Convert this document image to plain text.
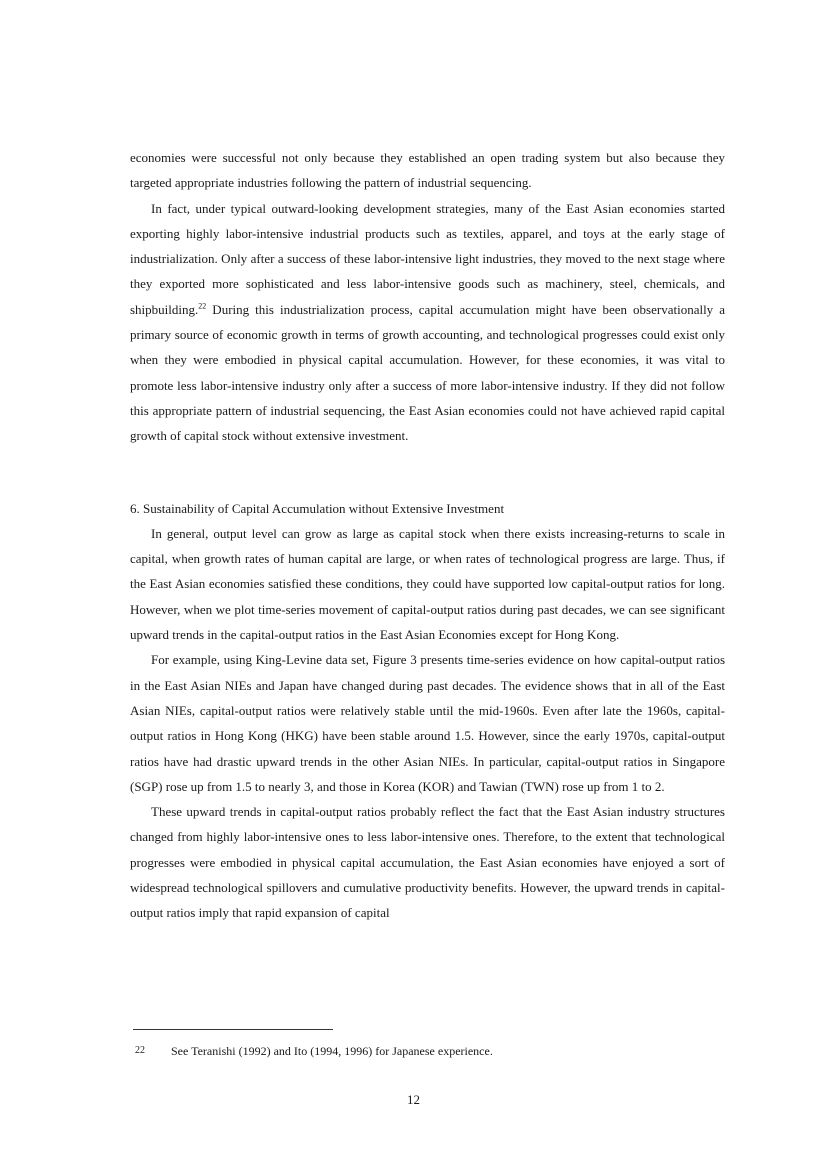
economies were successful not only because they established an open trading system but also because they targeted appropriate industries following the pattern of industrial sequencing.

In fact, under typical outward-looking development strategies, many of the East Asian economies started exporting highly labor-intensive industrial products such as textiles, apparel, and toys at the early stage of industrialization. Only after a success of these labor-intensive light industries, they moved to the next stage where they exported more sophisticated and less labor-intensive goods such as machinery, steel, chemicals, and shipbuilding.$^{22}$ During this industrialization process, capital accumulation might have been observationally a primary source of economic growth in terms of growth accounting, and technological progresses could exist only when they were embodied in physical capital accumulation. However, for these economies, it was vital to promote less labor-intensive industry only after a success of more labor-intensive industry. If they did not follow this appropriate pattern of industrial sequencing, the East Asian economies could not have achieved rapid capital growth of capital stock without extensive investment.

6. Sustainability of Capital Accumulation without Extensive Investment

In general, output level can grow as large as capital stock when there exists increasing-returns to scale in capital, when growth rates of human capital are large, or when rates of technological progress are large. Thus, if the East Asian economies satisfied these conditions, they could have supported low capital-output ratios for long. However, when we plot time-series movement of capital-output ratios during past decades, we can see significant upward trends in the capital-output ratios in the East Asian Economies except for Hong Kong.

For example, using King-Levine data set, Figure 3 presents time-series evidence on how capital-output ratios in the East Asian NIEs and Japan have changed during past decades. The evidence shows that in all of the East Asian NIEs, capital-output ratios were relatively stable until the mid-1960s. Even after late the 1960s, capital-output ratios in Hong Kong (HKG) have been stable around 1.5. However, since the early 1970s, capital-output ratios have had drastic upward trends in the other Asian NIEs. In particular, capital-output ratios in Singapore (SGP) rose up from 1.5 to nearly 3, and those in Korea (KOR) and Tawian (TWN) rose up from 1 to 2.

These upward trends in capital-output ratios probably reflect the fact that the East Asian industry structures changed from highly labor-intensive ones to less labor-intensive ones. Therefore, to the extent that technological progresses were embodied in physical capital accumulation, the East Asian economies have enjoyed a sort of widespread technological spillovers and cumulative productivity benefits. However, the upward trends in capital-output ratios imply that rapid expansion of capital

22 See Teranishi (1992) and Ito (1994, 1996) for Japanese experience.
12
